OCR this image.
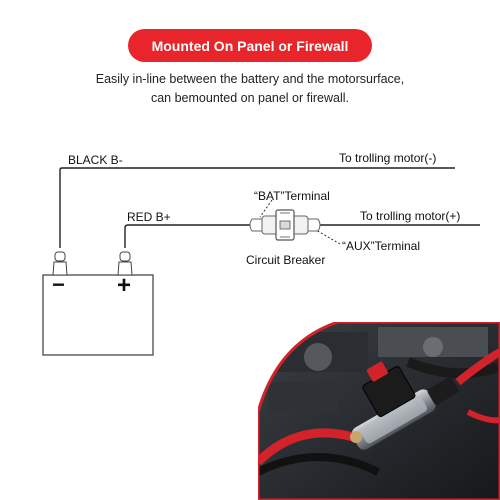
Mounted On Panel or Firewall
Easily in-line between the battery and the motorsurface,
can bemounted on panel or firewall.
BLACK B-	To trolling motor(-)
“BAT”Terminal
RED B+	To trolling motor(+)
“AUX”Terminal
Circuit Breaker
− +
